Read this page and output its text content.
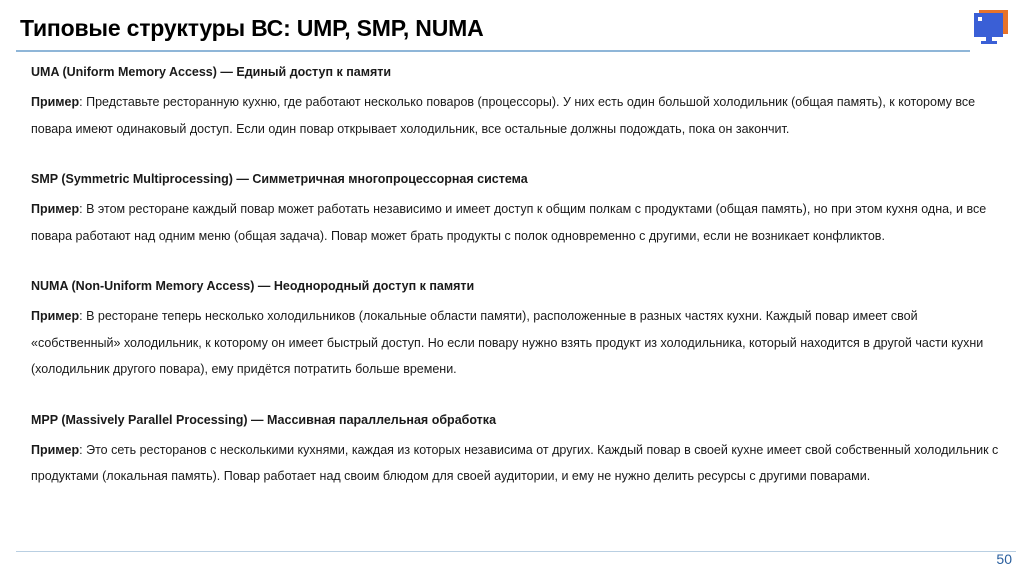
Типовые структуры ВС: UMP, SMP, NUMA
UMA (Uniform Memory Access) — Единый доступ к памяти

Пример: Представьте ресторанную кухню, где работают несколько поваров (процессоры). У них есть один большой холодильник (общая память), к которому все повара имеют одинаковый доступ. Если один повар открывает холодильник, все остальные должны подождать, пока он закончит.

SMP (Symmetric Multiprocessing) — Симметричная многопроцессорная система

Пример: В этом ресторане каждый повар может работать независимо и имеет доступ к общим полкам с продуктами (общая память), но при этом кухня одна, и все повара работают над одним меню (общая задача). Повар может брать продукты с полок одновременно с другими, если не возникает конфликтов.

NUMA (Non-Uniform Memory Access) — Неоднородный доступ к памяти

Пример: В ресторане теперь несколько холодильников (локальные области памяти), расположенные в разных частях кухни. Каждый повар имеет свой «собственный» холодильник, к которому он имеет быстрый доступ. Но если повару нужно взять продукт из холодильника, который находится в другой части кухни (холодильник другого повара), ему придётся потратить больше времени.

MPP (Massively Parallel Processing) — Массивная параллельная обработка

Пример: Это сеть ресторанов с несколькими кухнями, каждая из которых независима от других. Каждый повар в своей кухне имеет свой собственный холодильник с продуктами (локальная память). Повар работает над своим блюдом для своей аудитории, и ему не нужно делить ресурсы с другими поварами.

50
